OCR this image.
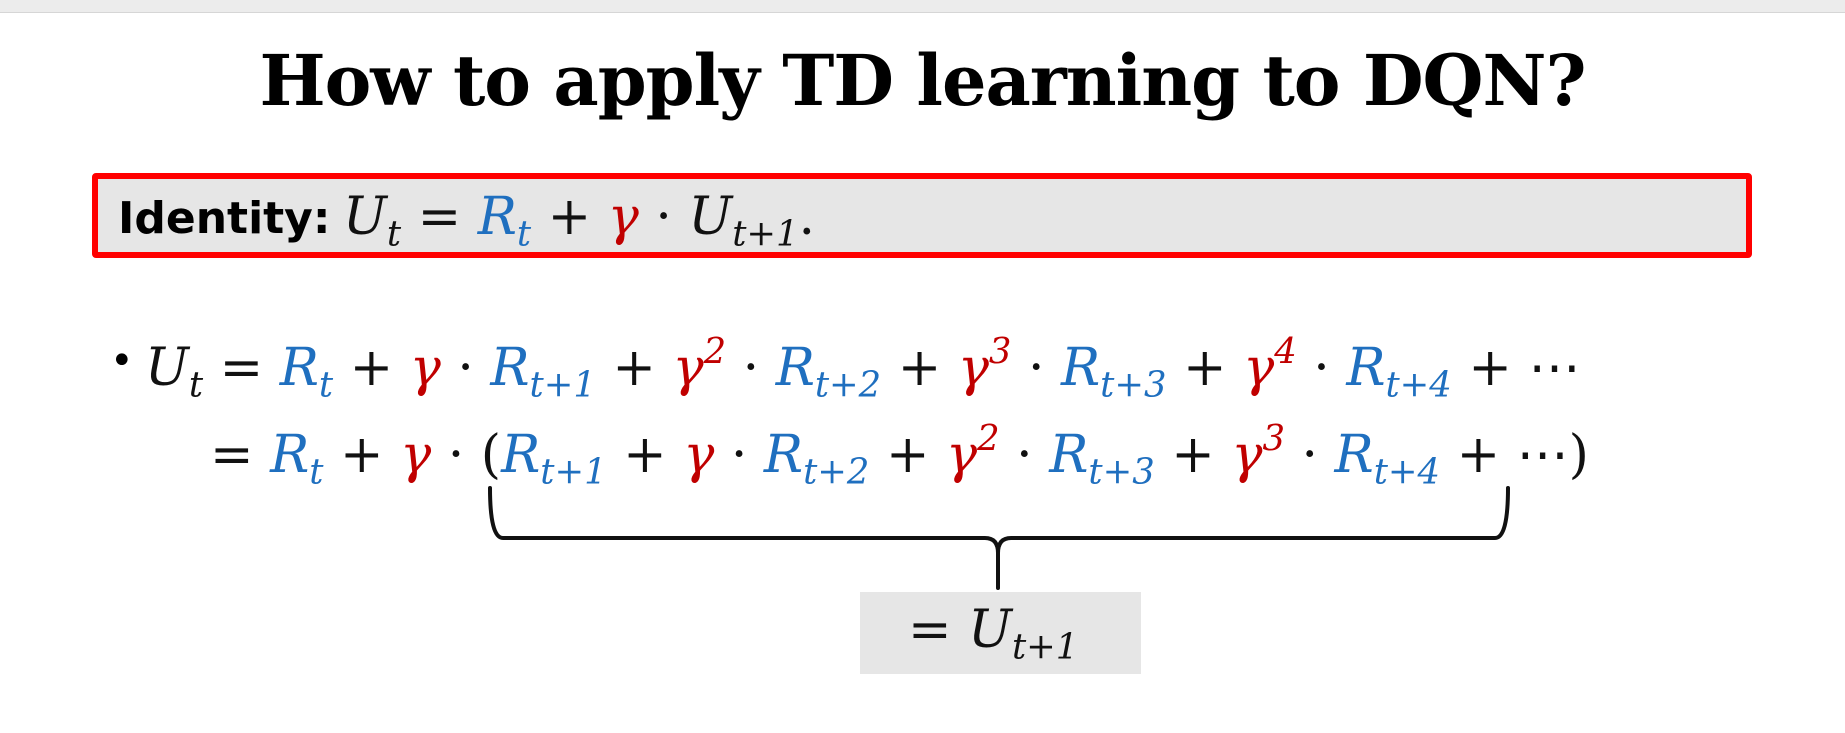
How to apply TD learning to DQN?
Identity: $U_t = R_t + \gamma \cdot U_{t+1}$.
• $U_t = R_t + \gamma \cdot R_{t+1} + \gamma^2 \cdot R_{t+2} + \gamma^3 \cdot R_{t+3} + \gamma^4 \cdot R_{t+4}$ + ⋯
= $R_t + \gamma \cdot (R_{t+1} + \gamma \cdot R_{t+2} + \gamma^2 \cdot R_{t+3} + \gamma^3 \cdot R_{t+4}$ + ⋯)
= $U_{t+1}$
